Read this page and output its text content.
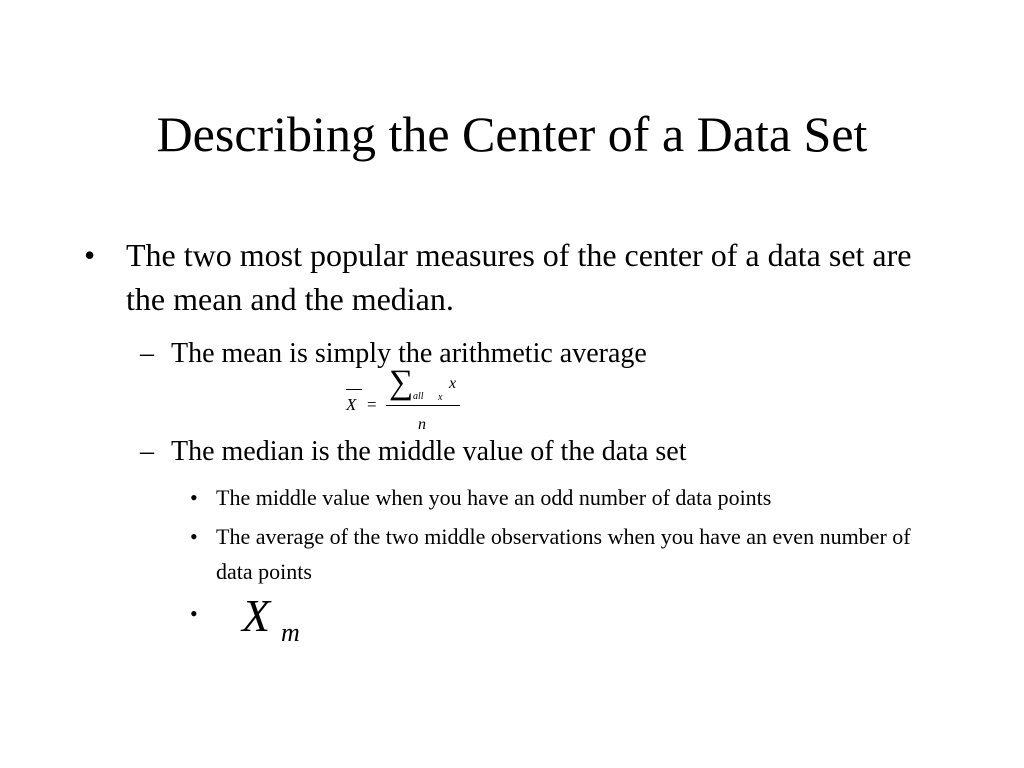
Describing the Center of a Data Set
• The two most popular measures of the center of a data set are the mean and the median.
– The mean is simply the arithmetic average
X =
∑ all x
x
n
– The median is the middle value of the data set
• The middle value when you have an odd number of data points
• The average of the two middle observations when you have an even number of data points
• X m
